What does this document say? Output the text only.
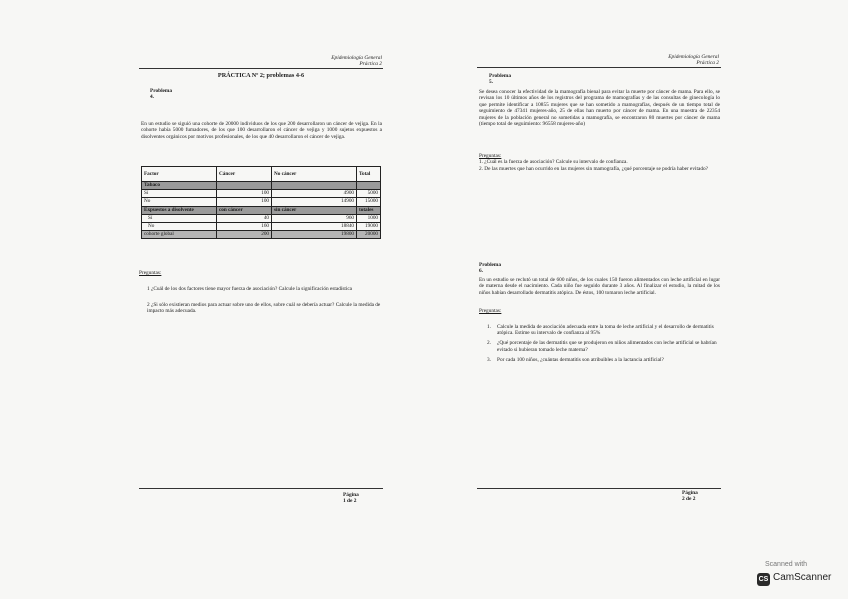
Epidemiología General
Práctica 2
PRÁCTICA Nº 2; problemas 4-6
Problema 4.
En un estudio se siguió una cohorte de 20000 individuos de los que 200 desarrollaron un cáncer de vejiga. En la cohorte había 5000 fumadores, de los que 100 desarrollaron el cáncer de vejiga y 1000 sujetos expuestos a disolventes orgánicos por motivos profesionales, de los que 40 desarrollaron el cáncer de vejiga.
Factor	Cáncer	No cáncer	Total
Tabaco			
Sí	100	4900	5000
No	100	14900	15000
Expuestos a disolvente	con cáncer	sin cáncer	totales
Sí	40	960	1000
No	160	18840	19000
cohorte global	200	19800	20000
Preguntas:
1 ¿Cuál de los dos factores tiene mayor fuerza de asociación? Calcule la significación estadística
2 ¿Si sólo existieran medios para actuar sobre uno de ellos, sobre cuál se debería actuar? Calcule la medida de impacto más adecuada.
Página 1 de 2
Epidemiología General
Práctica 2
Problema 5.
Se desea conocer la efectividad de la mamografía bienal para evitar la muerte por cáncer de mama. Para ello, se revisan los 10 últimos años de los registros del programa de mamografías y de las consultas de ginecología lo que permite identificar a 10855 mujeres que se han sometido a mamografías, después de un tiempo total de seguimiento de 47341 mujeres-año, 25 de ellas han muerto por cáncer de mama. En una muestra de 22354 mujeres de la población general no sometidas a mamografía, se encontraron 80 muertes por cáncer de mama (tiempo total de seguimiento: 96558 mujeres-año)
Preguntas:
1. ¿Cuál es la fuerza de asociación? Calcule su intervalo de confianza.
2. De las muertes que han ocurrido en las mujeres sin mamografía, ¿qué porcentaje se podría haber evitado?
Problema 6.
En un estudio se reclutó un total de 600 niños, de los cuales 150 fueron alimentados con leche artificial en lugar de materna desde el nacimiento. Cada niño fue seguido durante 3 años. Al finalizar el estudio, la mitad de los niños habían desarrollado dermatitis atópica. De éstos, 100 tomaron leche artificial.
Preguntas:
1. Calcule la medida de asociación adecuada entre la toma de leche artificial y el desarrollo de dermatitis atópica. Estime su intervalo de confianza al 95%
2. ¿Qué porcentaje de las dermatitis que se produjeron en niños alimentados con leche artificial se habrían evitado si hubieran tomado leche materna?
3. Por cada 100 niños, ¿cuántas dermatitis son atribuibles a la lactancia artificial?
Página 2 de 2
Scanned with
CS CamScanner
